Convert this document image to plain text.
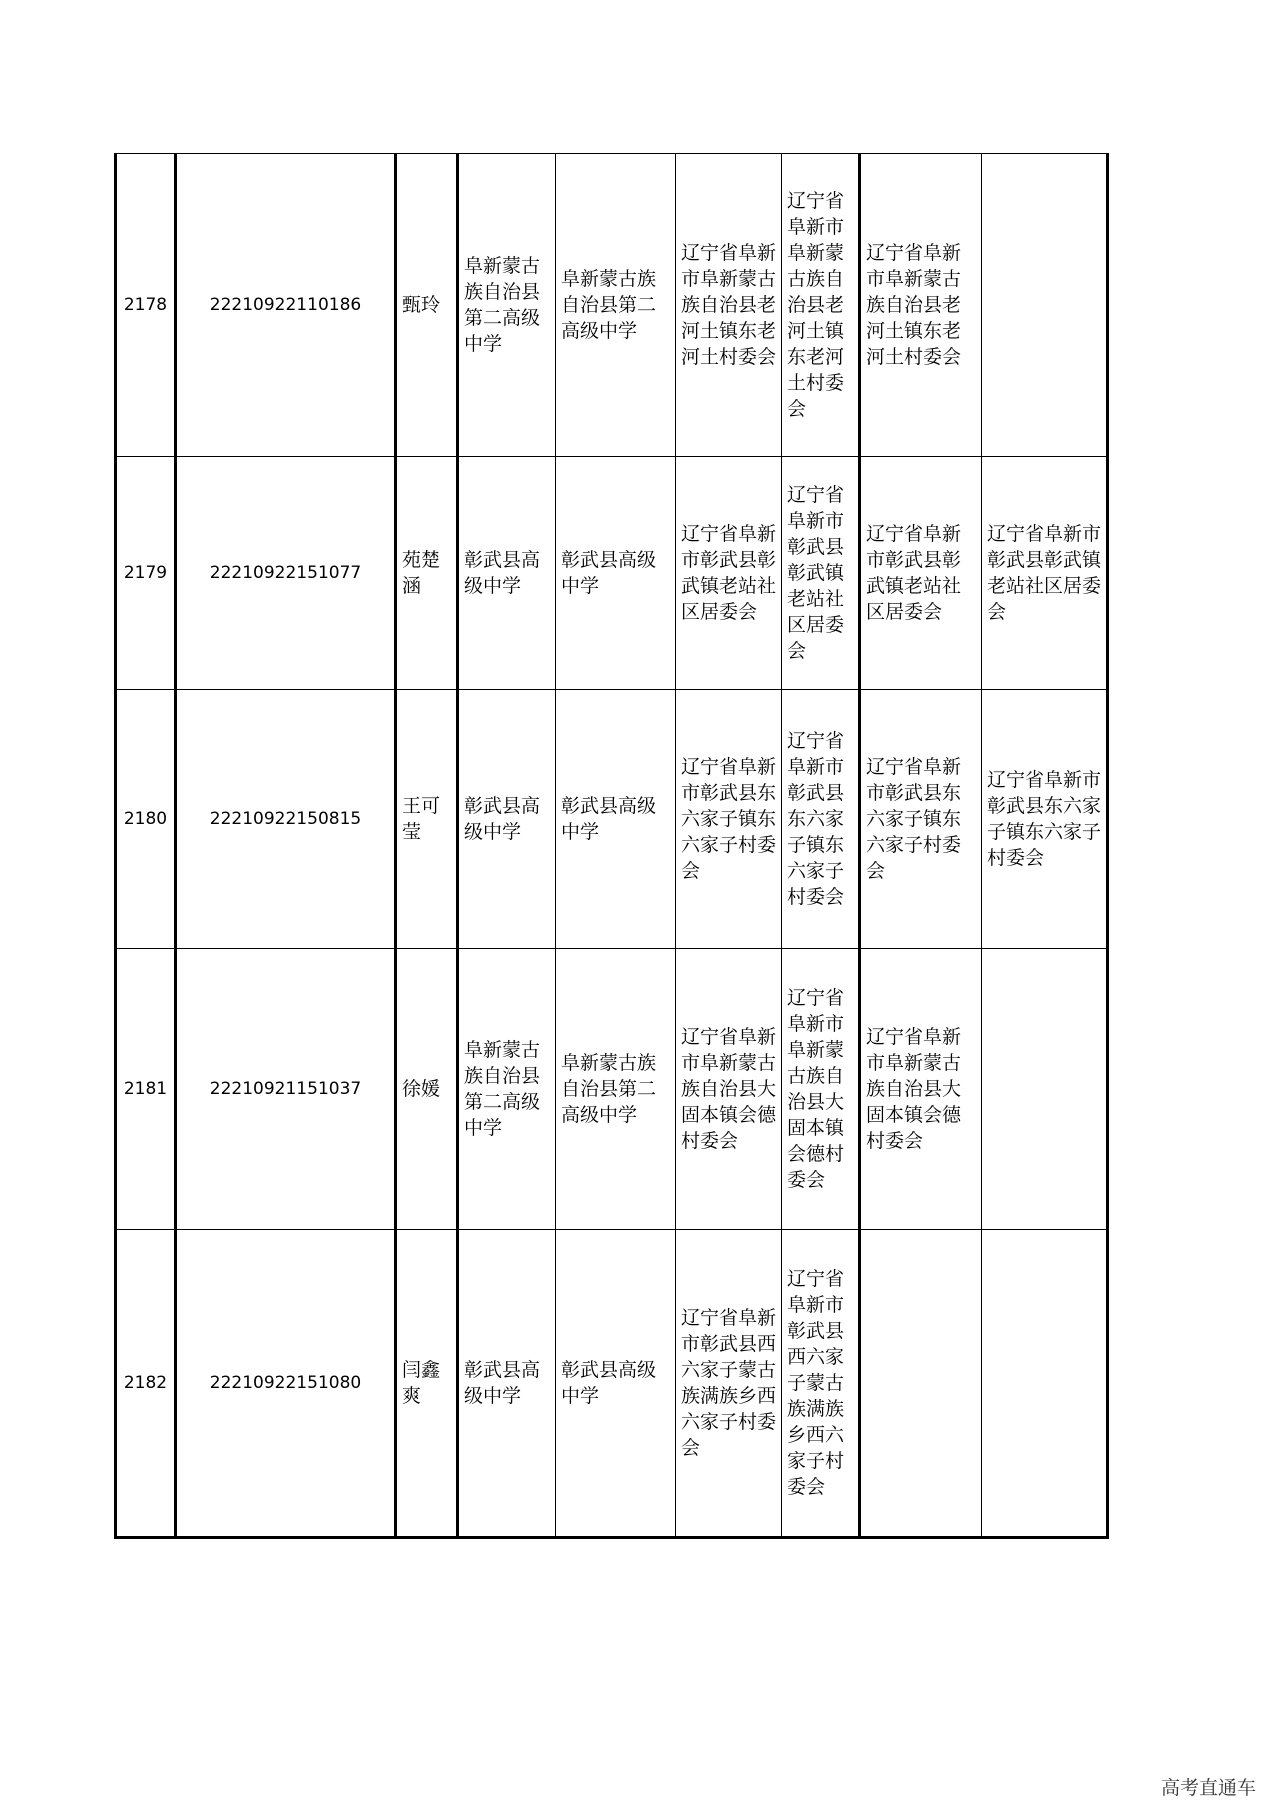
2178	22210922110186	甄玲	阜新蒙古族自治县第二高级中学	阜新蒙古族自治县第二高级中学	辽宁省阜新市阜新蒙古族自治县老河土镇东老河土村委会	辽宁省阜新市阜新蒙古族自治县老河土镇东老河土村委会	辽宁省阜新市阜新蒙古族自治县老河土镇东老河土村委会	
2179	22210922151077	苑楚涵	彰武县高级中学	彰武县高级中学	辽宁省阜新市彰武县彰武镇老站社区居委会	辽宁省阜新市彰武县彰武镇老站社区居委会	辽宁省阜新市彰武县彰武镇老站社区居委会	辽宁省阜新市彰武县彰武镇老站社区居委会
2180	22210922150815	王可莹	彰武县高级中学	彰武县高级中学	辽宁省阜新市彰武县东六家子镇东六家子村委会	辽宁省阜新市彰武县东六家子镇东六家子村委会	辽宁省阜新市彰武县东六家子镇东六家子村委会	辽宁省阜新市彰武县东六家子镇东六家子村委会
2181	22210921151037	徐媛	阜新蒙古族自治县第二高级中学	阜新蒙古族自治县第二高级中学	辽宁省阜新市阜新蒙古族自治县大固本镇会德村委会	辽宁省阜新市阜新蒙古族自治县大固本镇会德村委会	辽宁省阜新市阜新蒙古族自治县大固本镇会德村委会	
2182	22210922151080	闫鑫爽	彰武县高级中学	彰武县高级中学	辽宁省阜新市彰武县西六家子蒙古族满族乡西六家子村委会	辽宁省阜新市彰武县西六家子蒙古族满族乡西六家子村委会		
高考直通车
